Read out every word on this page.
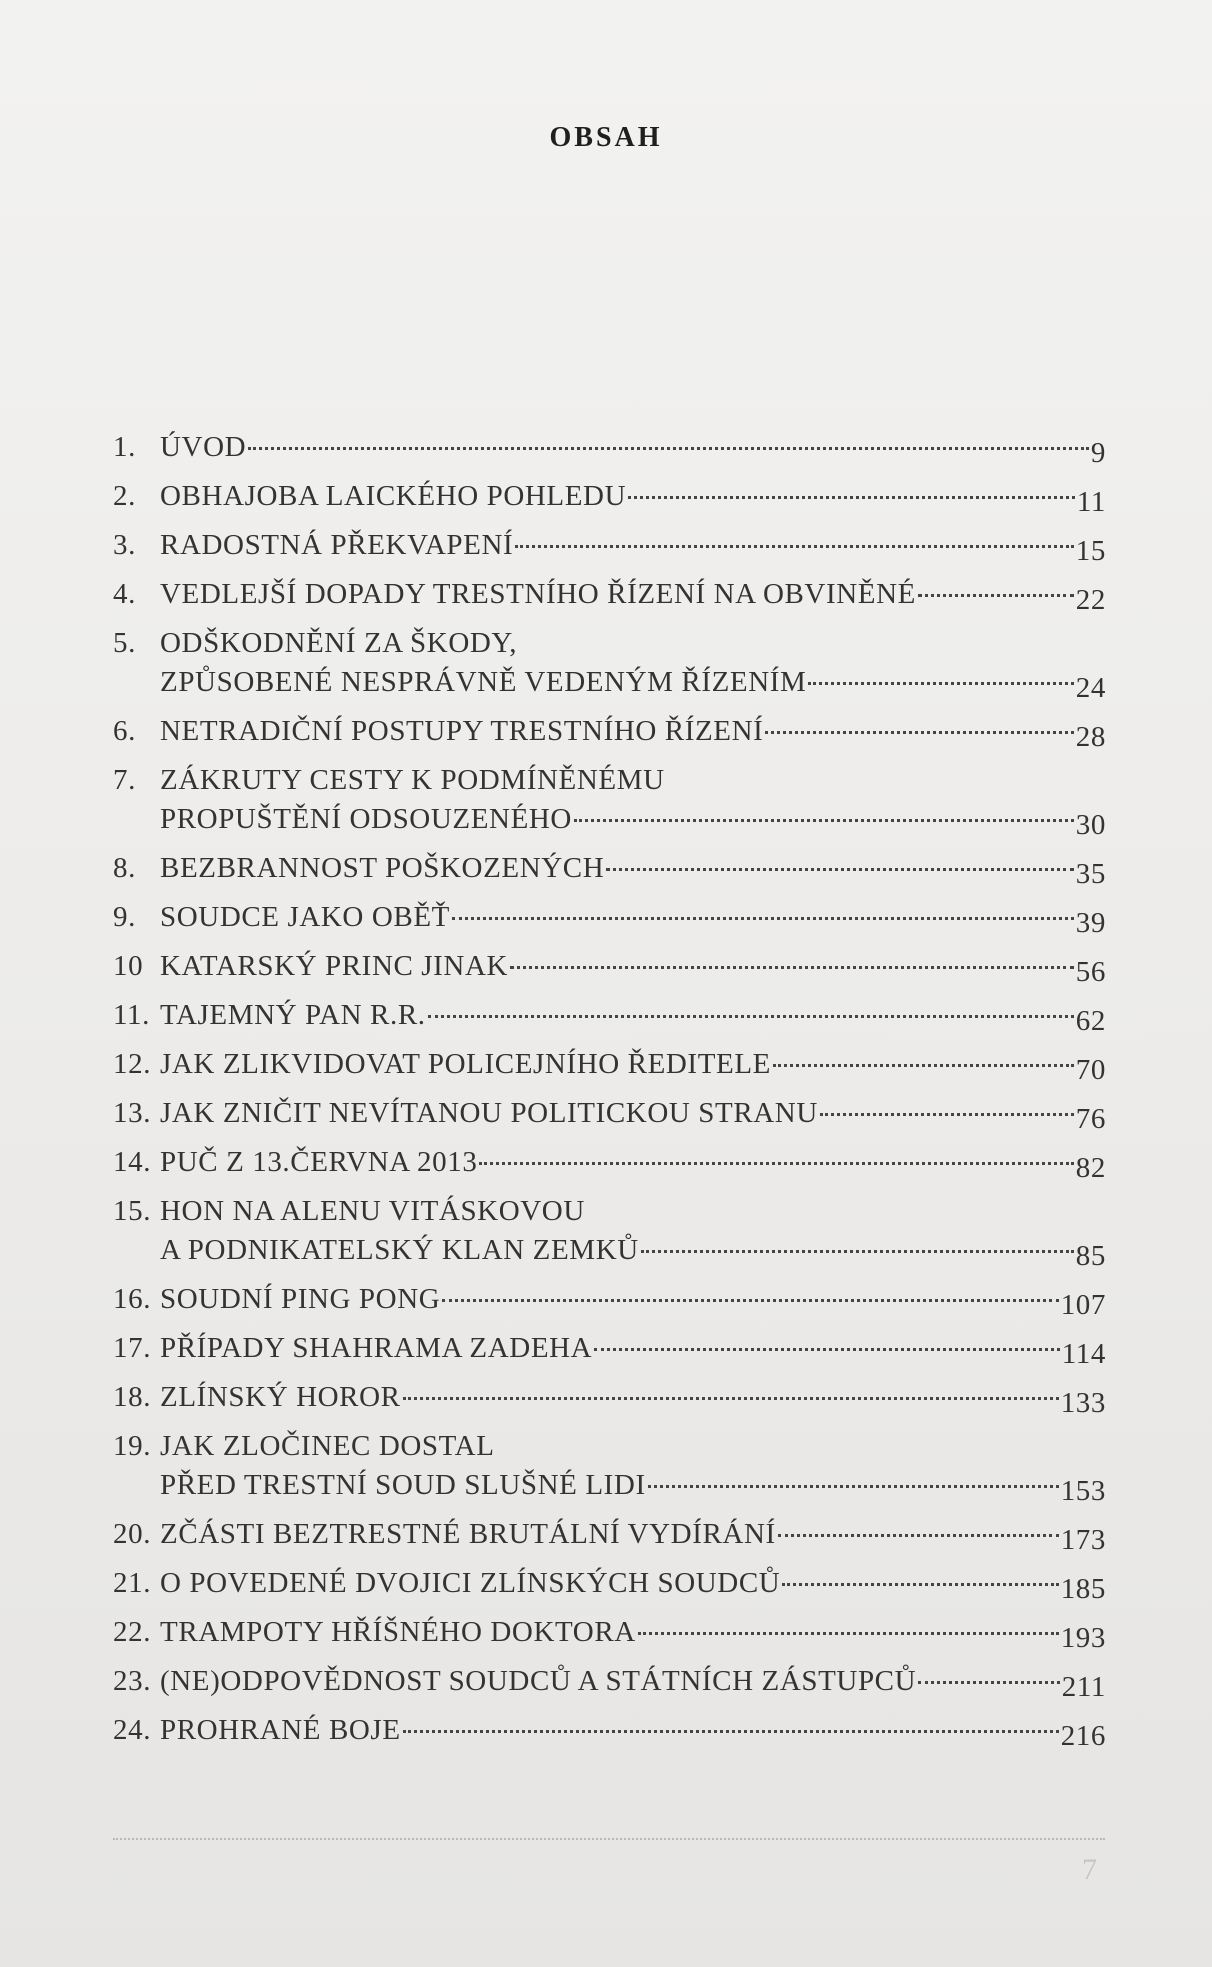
OBSAH
1. ÚVOD	9
2. OBHAJOBA LAICKÉHO POHLEDU	11
3. RADOSTNÁ PŘEKVAPENÍ	15
4. VEDLEJŠÍ DOPADY TRESTNÍHO ŘÍZENÍ NA OBVINĚNÉ	22
5. ODŠKODNĚNÍ ZA ŠKODY,
ZPŮSOBENÉ NESPRÁVNĚ VEDENÝM ŘÍZENÍM	24
6. NETRADIČNÍ POSTUPY TRESTNÍHO ŘÍZENÍ	28
7. ZÁKRUTY CESTY K PODMÍNĚNÉMU
PROPUŠTĚNÍ ODSOUZENÉHO	30
8. BEZBRANNOST POŠKOZENÝCH	35
9. SOUDCE JAKO OBĚŤ	39
10 KATARSKÝ PRINC JINAK	56
11. TAJEMNÝ PAN R.R.	62
12. JAK ZLIKVIDOVAT POLICEJNÍHO ŘEDITELE	70
13. JAK ZNIČIT NEVÍTANOU POLITICKOU STRANU	76
14. PUČ Z 13.ČERVNA 2013	82
15. HON NA ALENU VITÁSKOVOU
A PODNIKATELSKÝ KLAN ZEMKŮ	85
16. SOUDNÍ PING PONG	107
17. PŘÍPADY SHAHRAMA ZADEHA	114
18. ZLÍNSKÝ HOROR	133
19. JAK ZLOČINEC DOSTAL
PŘED TRESTNÍ SOUD SLUŠNÉ LIDI	153
20. ZČÁSTI BEZTRESTNÉ BRUTÁLNÍ VYDÍRÁNÍ	173
21. O POVEDENÉ DVOJICI ZLÍNSKÝCH SOUDCŮ	185
22. TRAMPOTY HŘÍŠNÉHO DOKTORA	193
23. (NE)ODPOVĚDNOST SOUDCŮ A STÁTNÍCH ZÁSTUPCŮ	211
24. PROHRANÉ BOJE	216
7
